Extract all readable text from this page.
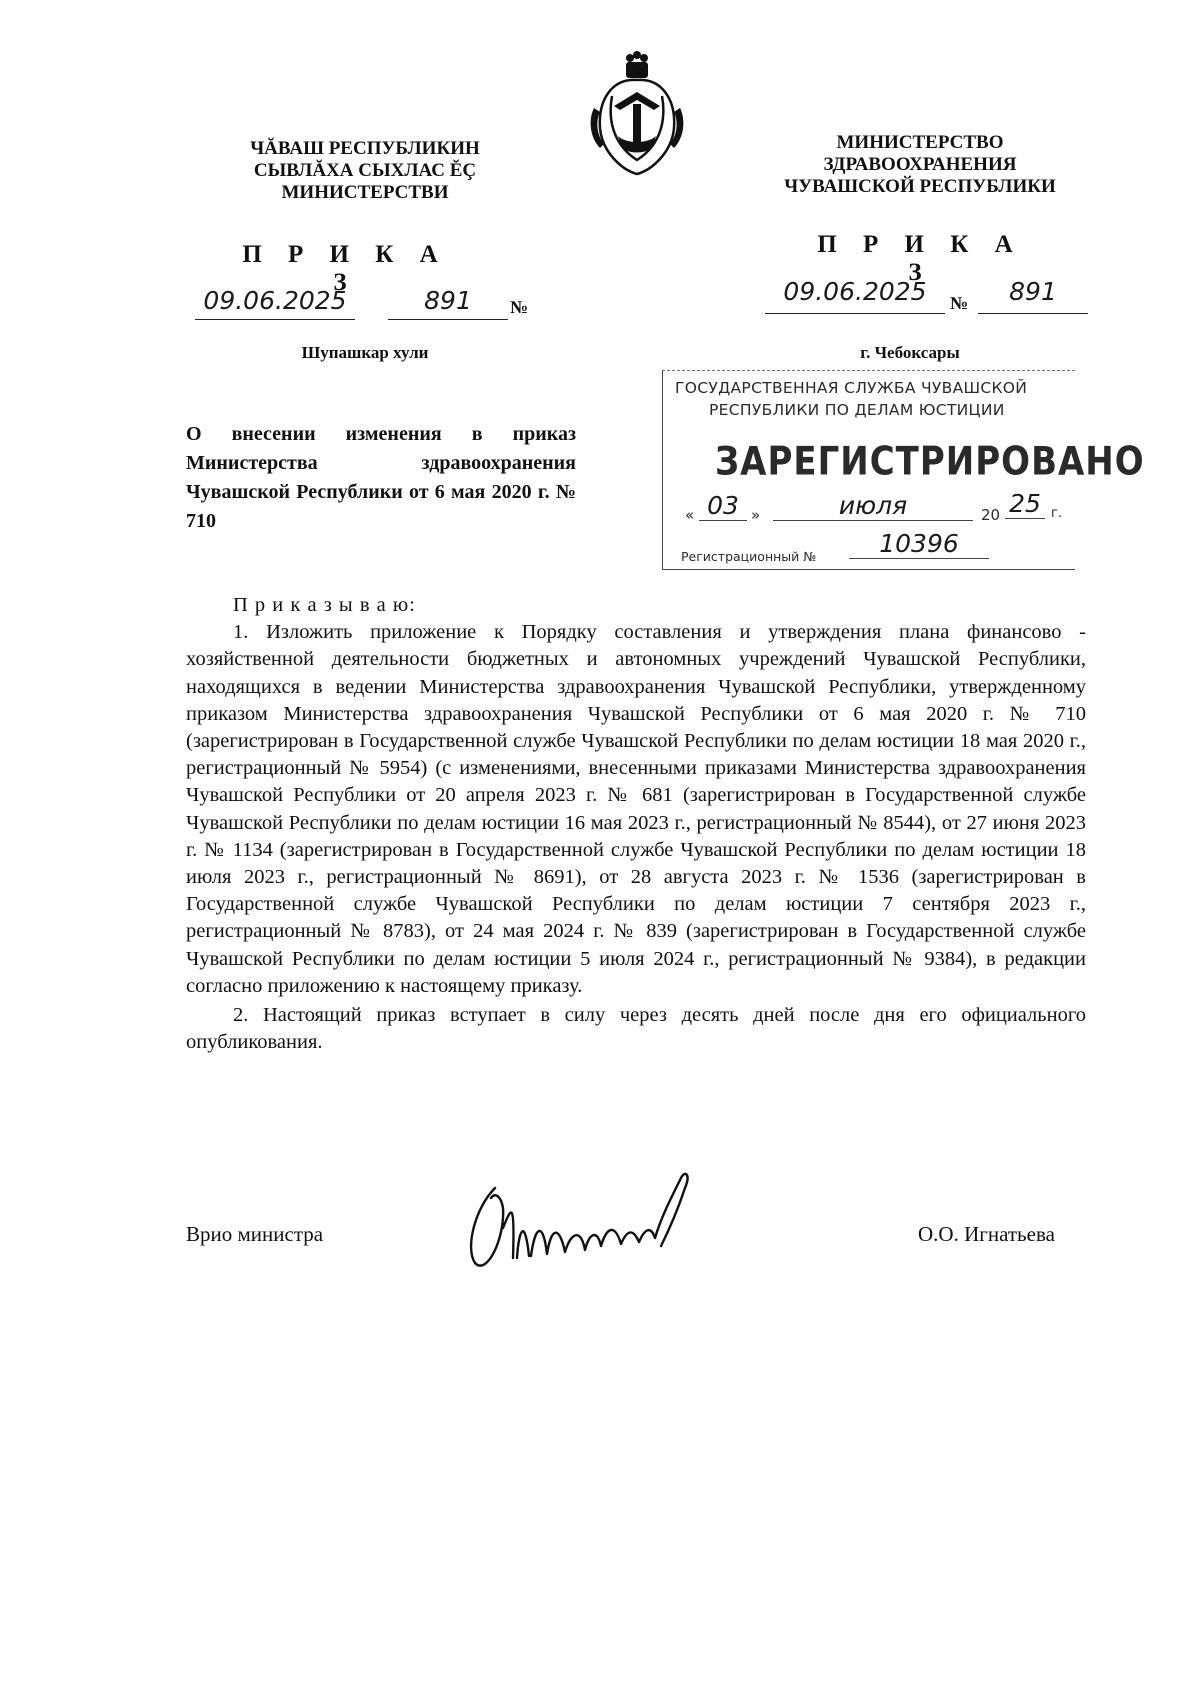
ЧĂВАШ РЕСПУБЛИКИН
СЫВЛĂХА СЫХЛАС ĔÇ
МИНИСТЕРСТВИ
МИНИСТЕРСТВО
ЗДРАВООХРАНЕНИЯ
ЧУВАШСКОЙ РЕСПУБЛИКИ
П Р И К А З
П Р И К А З
09.06.2025	891	№
09.06.2025	№	891
Шупашкар хули	г. Чебоксары
ГОСУДАРСТВЕННАЯ СЛУЖБА ЧУВАШСКОЙ
РЕСПУБЛИКИ ПО ДЕЛАМ ЮСТИЦИИ
ЗАРЕГИСТРИРОВАНО
« 03 »	июля	20 25 г.
Регистрационный №	10396
О внесении изменения в приказ Министерства здравоохранения Чувашской Республики от 6 мая 2020 г. № 710

П р и к а з ы в а ю:

1. Изложить приложение к Порядку составления и утверждения плана финансово - хозяйственной деятельности бюджетных и автономных учреждений Чувашской Республики, находящихся в ведении Министерства здравоохранения Чувашской Республики, утвержденному приказом Министерства здравоохранения Чувашской Республики от 6 мая 2020 г. № 710 (зарегистрирован в Государственной службе Чувашской Республики по делам юстиции 18 мая 2020 г., регистрационный № 5954) (с изменениями, внесенными приказами Министерства здравоохранения Чувашской Республики от 20 апреля 2023 г. № 681 (зарегистрирован в Государственной службе Чувашской Республики по делам юстиции 16 мая 2023 г., регистрационный № 8544), от 27 июня 2023 г. № 1134 (зарегистрирован в Государственной службе Чувашской Республики по делам юстиции 18 июля 2023 г., регистрационный № 8691), от 28 августа 2023 г. № 1536 (зарегистрирован в Государственной службе Чувашской Республики по делам юстиции 7 сентября 2023 г., регистрационный № 8783), от 24 мая 2024 г. № 839 (зарегистрирован в Государственной службе Чувашской Республики по делам юстиции 5 июля 2024 г., регистрационный № 9384), в редакции согласно приложению к настоящему приказу.

2. Настоящий приказ вступает в силу через десять дней после дня его официального опубликования.

Врио министра	О.О. Игнатьева
